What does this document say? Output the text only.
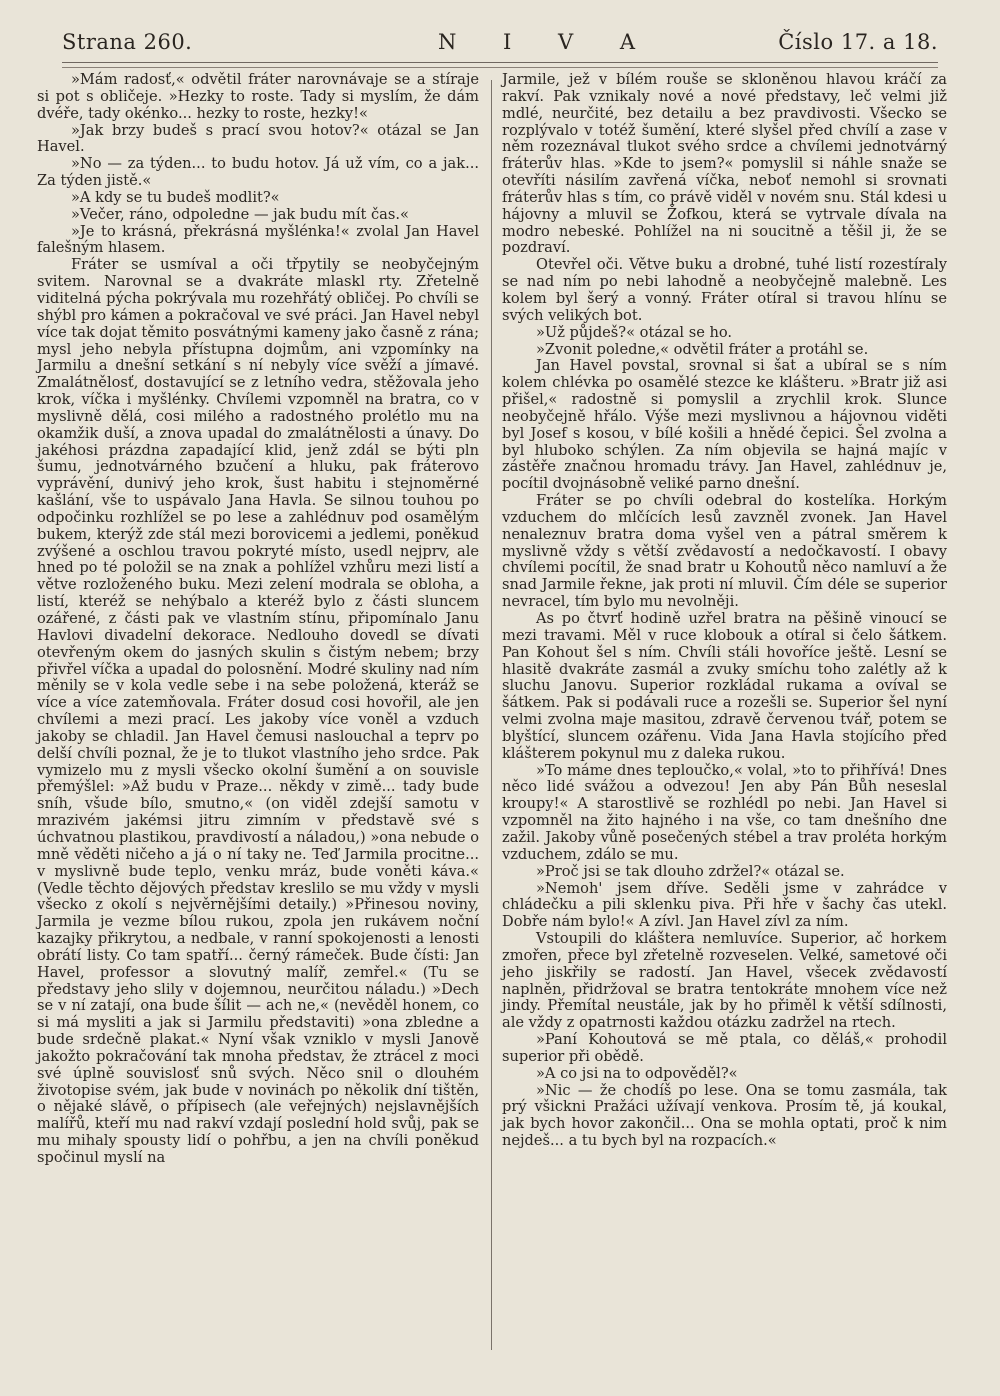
Strana 260.	N I V A	Číslo 17. a 18.

»Mám radosť,« odvětil fráter narovnávaje se a stíraje si pot s obličeje. »Hezky to roste. Tady si myslím, že dám dvéře, tady okénko... hezky to roste, hezky!«

»Jak brzy budeš s prací svou hotov?« otázal se Jan Havel.

»No — za týden... to budu hotov. Já už vím, co a jak... Za týden jistě.«

»A kdy se tu budeš modlit?«

»Večer, ráno, odpoledne — jak budu mít čas.«

»Je to krásná, překrásná myšlénka!« zvolal Jan Havel falešným hlasem.

Fráter se usmíval a oči třpytily se neobyčejným svitem. Narovnal se a dvakráte mlaskl rty. Zřetelně viditelná pýcha pokrývala mu rozehřátý obličej. Po chvíli se shýbl pro kámen a pokračoval ve své práci. Jan Havel nebyl více tak dojat těmito posvátnými kameny jako časně z rána; mysl jeho nebyla přístupna dojmům, ani vzpomínky na Jarmilu a dnešní setkání s ní nebyly více svěží a jímavé. Zmalátnělosť, dostavující se z letního vedra, stěžovala jeho krok, víčka i myšlénky. Chvílemi vzpomněl na bratra, co v myslivně dělá, cosi milého a radostného prolétlo mu na okamžik duší, a znova upadal do zmalátnělosti a únavy. Do jakéhosi prázdna zapadající klid, jenž zdál se býti pln šumu, jednotvárného bzučení a hluku, pak fráterovo vyprávění, dunivý jeho krok, šust habitu i stejnoměrné kašlání, vše to uspávalo Jana Havla. Se silnou touhou po odpočinku rozhlížel se po lese a zahlédnuv pod osamělým bukem, kterýž zde stál mezi borovicemi a jedlemi, poněkud zvýšené a oschlou travou pokryté místo, usedl nejprv, ale hned po té položil se na znak a pohlížel vzhůru mezi listí a větve rozloženého buku. Mezi zelení modrala se obloha, a listí, kteréž se nehýbalo a kteréž bylo z části sluncem ozářené, z části pak ve vlastním stínu, připomínalo Janu Havlovi divadelní dekorace. Nedlouho dovedl se dívati otevřeným okem do jasných skulin s čistým nebem; brzy přivřel víčka a upadal do polosnění. Modré skuliny nad ním měnily se v kola vedle sebe i na sebe položená, kteráž se více a více zatemňovala. Fráter dosud cosi hovořil, ale jen chvílemi a mezi prací. Les jakoby více voněl a vzduch jakoby se chladil. Jan Havel čemusi naslouchal a teprv po delší chvíli poznal, že je to tlukot vlastního jeho srdce. Pak vymizelo mu z mysli všecko okolní šumění a on souvisle přemýšlel: »Až budu v Praze... někdy v zimě... tady bude sníh, všude bílo, smutno,« (on viděl zdejší samotu v mrazivém jakémsi jitru zimním v představě své s úchvatnou plastikou, pravdivostí a náladou,) »ona nebude o mně věděti ničeho a já o ní taky ne. Teď Jarmila procitne... v myslivně bude teplo, venku mráz, bude voněti káva.« (Vedle těchto dějových představ kreslilo se mu vždy v mysli všecko z okolí s nejvěrnějšími detaily.) »Přinesou noviny, Jarmila je vezme bílou rukou, zpola jen rukávem noční kazajky přikrytou, a nedbale, v ranní spokojenosti a lenosti obrátí listy. Co tam spatří... černý rámeček. Bude čísti: Jan Havel, professor a slovutný malíř, zemřel.« (Tu se představy jeho slily v dojemnou, neurčitou náladu.) »Dech se v ní zatají, ona bude šílit — ach ne,« (nevěděl honem, co si má mysliti a jak si Jarmilu představiti) »ona zbledne a bude srdečně plakat.« Nyní však vzniklo v mysli Janově jakožto pokračování tak mnoha představ, že ztrácel z moci své úplně souvislosť snů svých. Něco snil o dlouhém životopise svém, jak bude v novinách po několik dní tištěn, o nějaké slávě, o přípisech (ale veřejných) nejslavnějších malířů, kteří mu nad rakví vzdají poslední hold svůj, pak se mu mihaly spousty lidí o pohřbu, a jen na chvíli poněkud spočinul myslí na

Jarmile, jež v bílém rouše se skloněnou hlavou kráčí za rakví. Pak vznikaly nové a nové představy, leč velmi již mdlé, neurčité, bez detailu a bez pravdivosti. Všecko se rozplývalo v totéž šumění, které slyšel před chvílí a zase v něm rozeznával tlukot svého srdce a chvílemi jednotvárný fráterův hlas. »Kde to jsem?« pomyslil si náhle snaže se otevříti násilím zavřená víčka, neboť nemohl si srovnati fráterův hlas s tím, co právě viděl v novém snu. Stál kdesi u hájovny a mluvil se Žofkou, která se vytrvale dívala na modro nebeské. Pohlížel na ni soucitně a těšil ji, že se pozdraví.

Otevřel oči. Větve buku a drobné, tuhé listí rozestíraly se nad ním po nebi lahodně a neobyčejně malebně. Les kolem byl šerý a vonný. Fráter otíral si travou hlínu se svých velikých bot.

»Už půjdeš?« otázal se ho.

»Zvonit poledne,« odvětil fráter a protáhl se.

Jan Havel povstal, srovnal si šat a ubíral se s ním kolem chlévka po osamělé stezce ke klášteru. »Bratr již asi přišel,« radostně si pomyslil a zrychlil krok. Slunce neobyčejně hřálo. Výše mezi myslivnou a hájovnou viděti byl Josef s kosou, v bílé košili a hnědé čepici. Šel zvolna a byl hluboko schýlen. Za ním objevila se hajná majíc v zástěře značnou hromadu trávy. Jan Havel, zahlédnuv je, pocítil dvojnásobně veliké parno dnešní.

Fráter se po chvíli odebral do kostelíka. Horkým vzduchem do mlčících lesů zavzněl zvonek. Jan Havel nenaleznuv bratra doma vyšel ven a pátral směrem k myslivně vždy s větší zvědavostí a nedočkavostí. I obavy chvílemi pocítil, že snad bratr u Kohoutů něco namluví a že snad Jarmile řekne, jak proti ní mluvil. Čím déle se superior nevracel, tím bylo mu nevolněji.

As po čtvrť hodině uzřel bratra na pěšině vinoucí se mezi travami. Měl v ruce klobouk a otíral si čelo šátkem. Pan Kohout šel s ním. Chvíli stáli hovoříce ještě. Lesní se hlasitě dvakráte zasmál a zvuky smíchu toho zalétly až k sluchu Janovu. Superior rozkládal rukama a ovíval se šátkem. Pak si podávali ruce a rozešli se. Superior šel nyní velmi zvolna maje masitou, zdravě červenou tvář, potem se blyštící, sluncem ozářenu. Vida Jana Havla stojícího před klášterem pokynul mu z daleka rukou.

»To máme dnes teploučko,« volal, »to to přihřívá! Dnes něco lidé svážou a odvezou! Jen aby Pán Bůh neseslal kroupy!« A starostlivě se rozhlédl po nebi. Jan Havel si vzpomněl na žito hajného i na vše, co tam dnešního dne zažil. Jakoby vůně posečených stébel a trav proléta horkým vzduchem, zdálo se mu.

»Proč jsi se tak dlouho zdržel?« otázal se.

»Nemoh' jsem dříve. Seděli jsme v zahrádce v chládečku a pili sklenku piva. Při hře v šachy čas utekl. Dobře nám bylo!« A zívl. Jan Havel zívl za ním.

Vstoupili do kláštera nemluvíce. Superior, ač horkem zmořen, přece byl zřetelně rozveselen. Velké, sametové oči jeho jiskřily se radostí. Jan Havel, všecek zvědavostí naplněn, přidržoval se bratra tentokráte mnohem více než jindy. Přemítal neustále, jak by ho přiměl k větší sdílnosti, ale vždy z opatrnosti každou otázku zadržel na rtech.

»Paní Kohoutová se mě ptala, co děláš,« prohodil superior při obědě.

»A co jsi na to odpověděl?«

»Nic — že chodíš po lese. Ona se tomu zasmála, tak prý všickni Pražáci užívají venkova. Prosím tě, já koukal, jak bych hovor zakončil... Ona se mohla optati, proč k nim nejdeš... a tu bych byl na rozpacích.«
